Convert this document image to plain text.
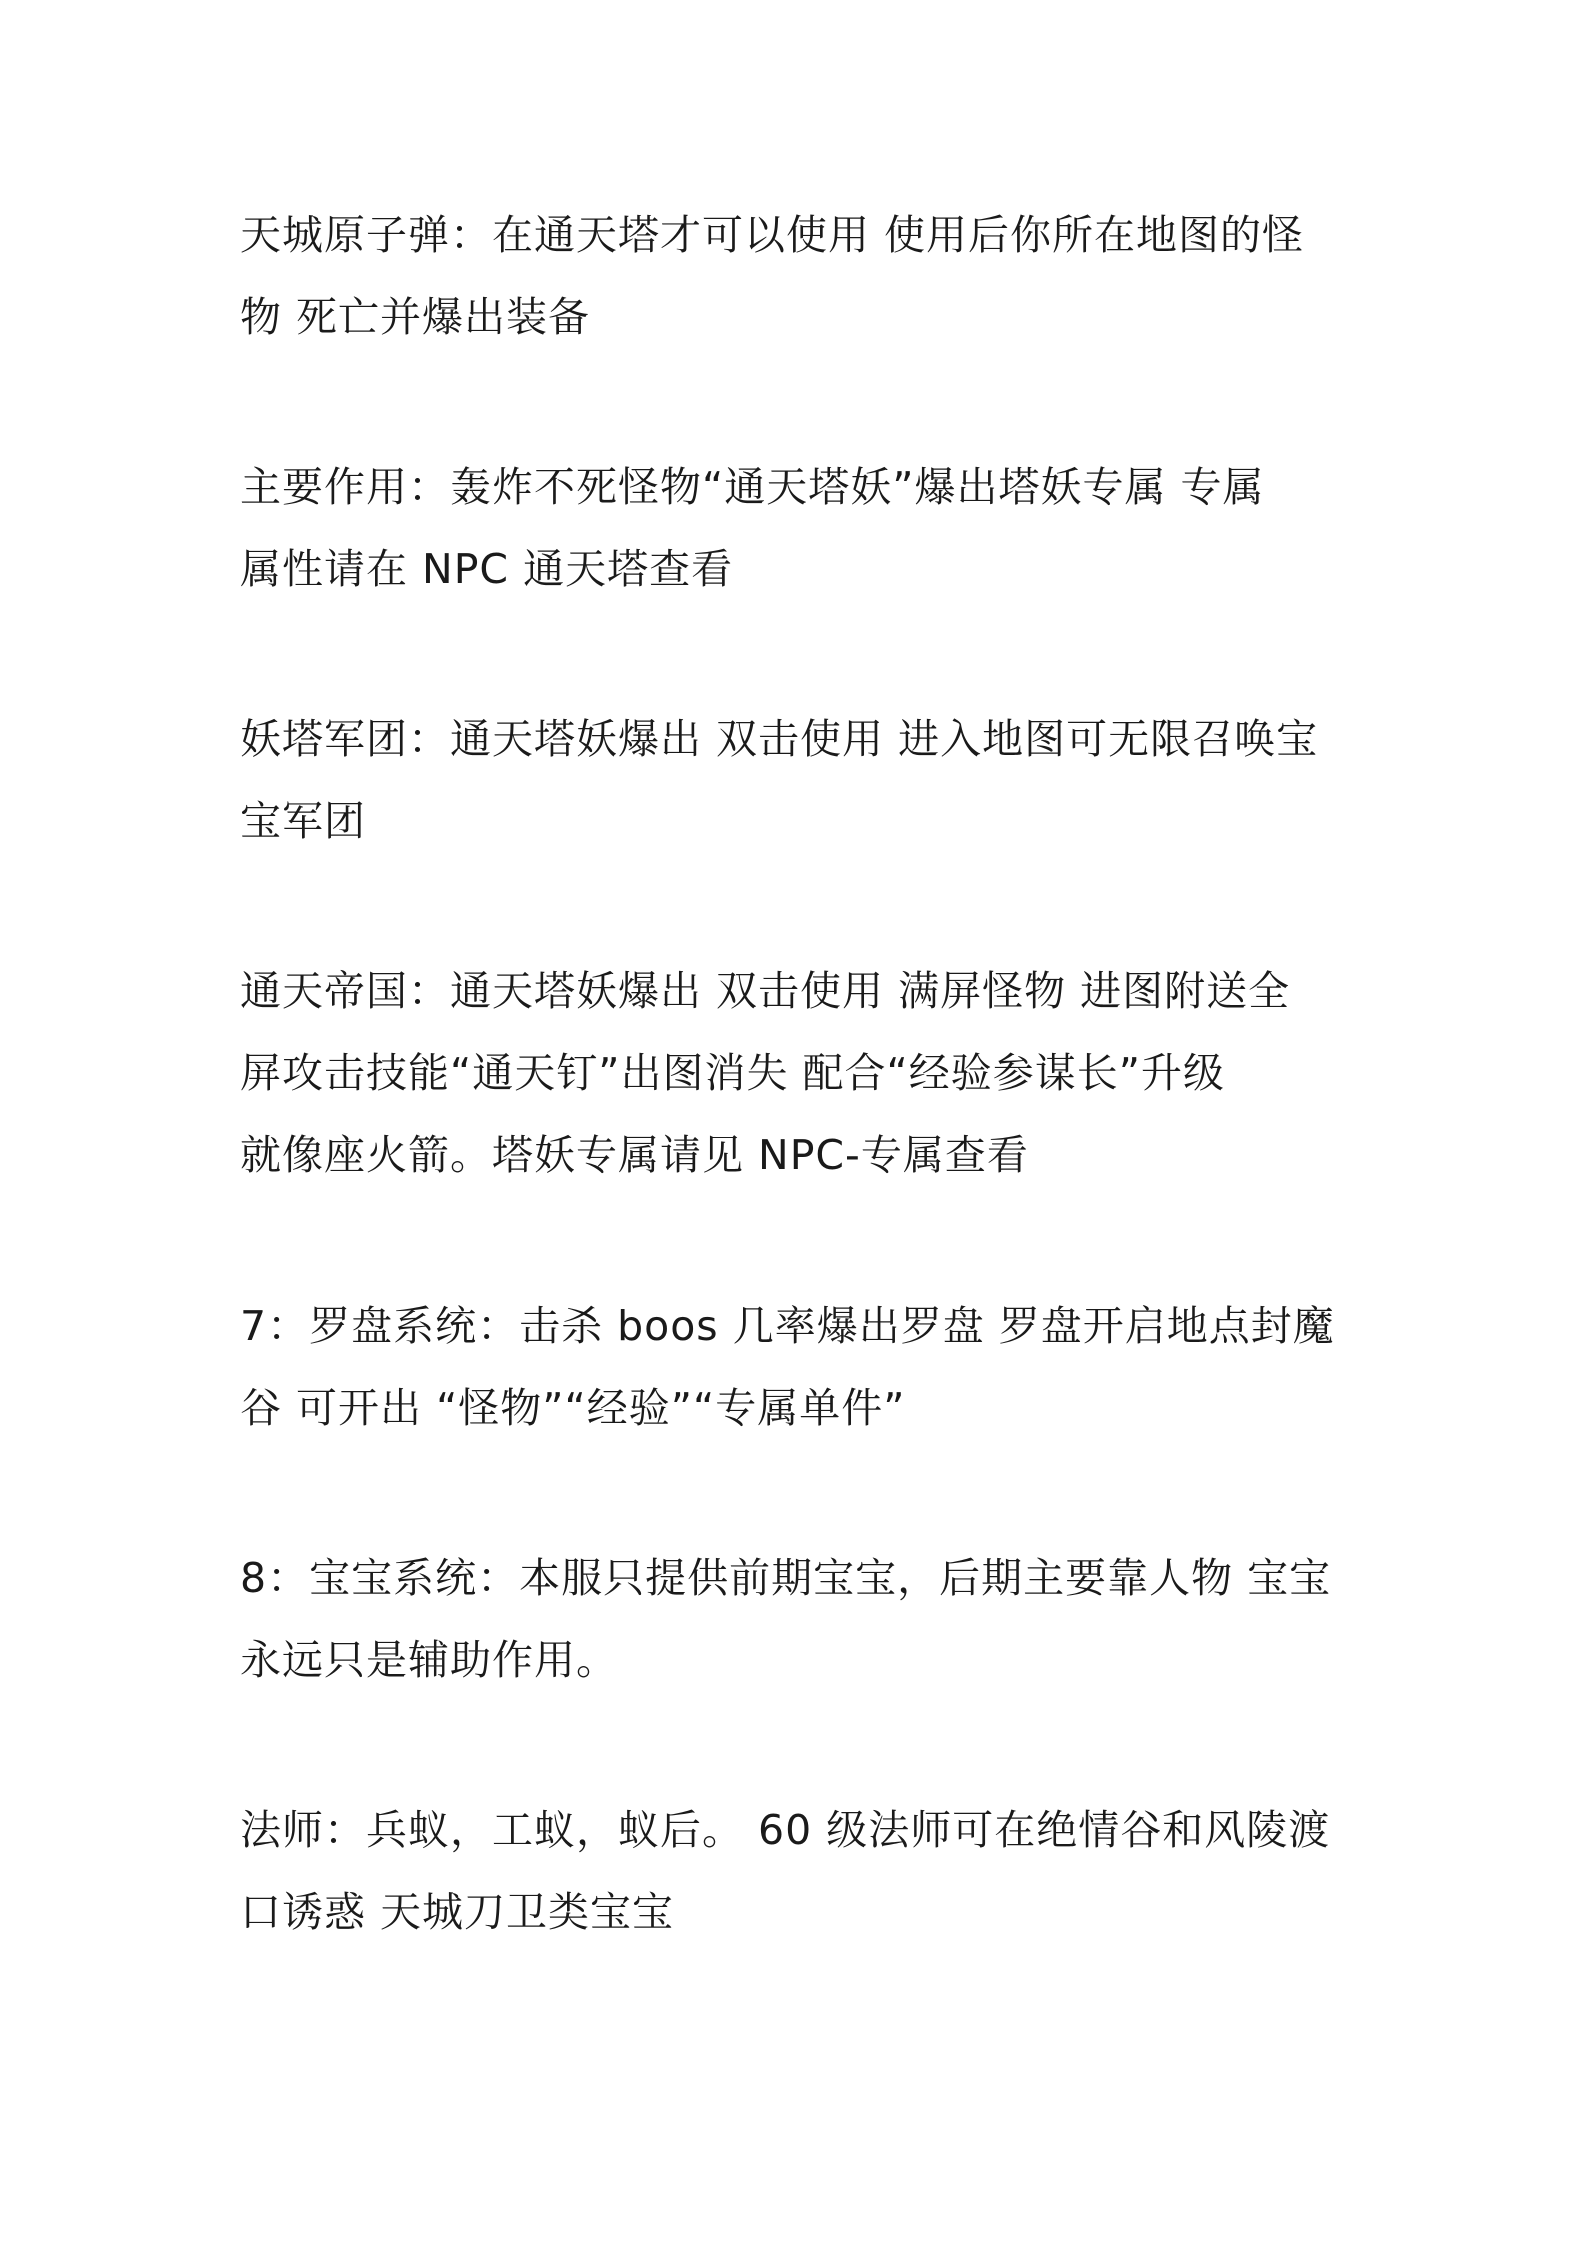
天城原子弹：在通天塔才可以使用 使用后你所在地图的怪
物 死亡并爆出装备

主要作用：轰炸不死怪物“通天塔妖”爆出塔妖专属 专属
属性请在 NPC 通天塔查看

妖塔军团：通天塔妖爆出 双击使用 进入地图可无限召唤宝
宝军团

通天帝国：通天塔妖爆出 双击使用 满屏怪物 进图附送全
屏攻击技能“通天钉”出图消失 配合“经验参谋长”升级
就像座火箭。塔妖专属请见 NPC-专属查看

7：罗盘系统：击杀 boos 几率爆出罗盘 罗盘开启地点封魔
谷 可开出 “怪物”“经验”“专属单件”

8：宝宝系统：本服只提供前期宝宝，后期主要靠人物 宝宝
永远只是辅助作用。

法师：兵蚁，工蚁，蚁后。 60 级法师可在绝情谷和风陵渡
口诱惑 天城刀卫类宝宝
